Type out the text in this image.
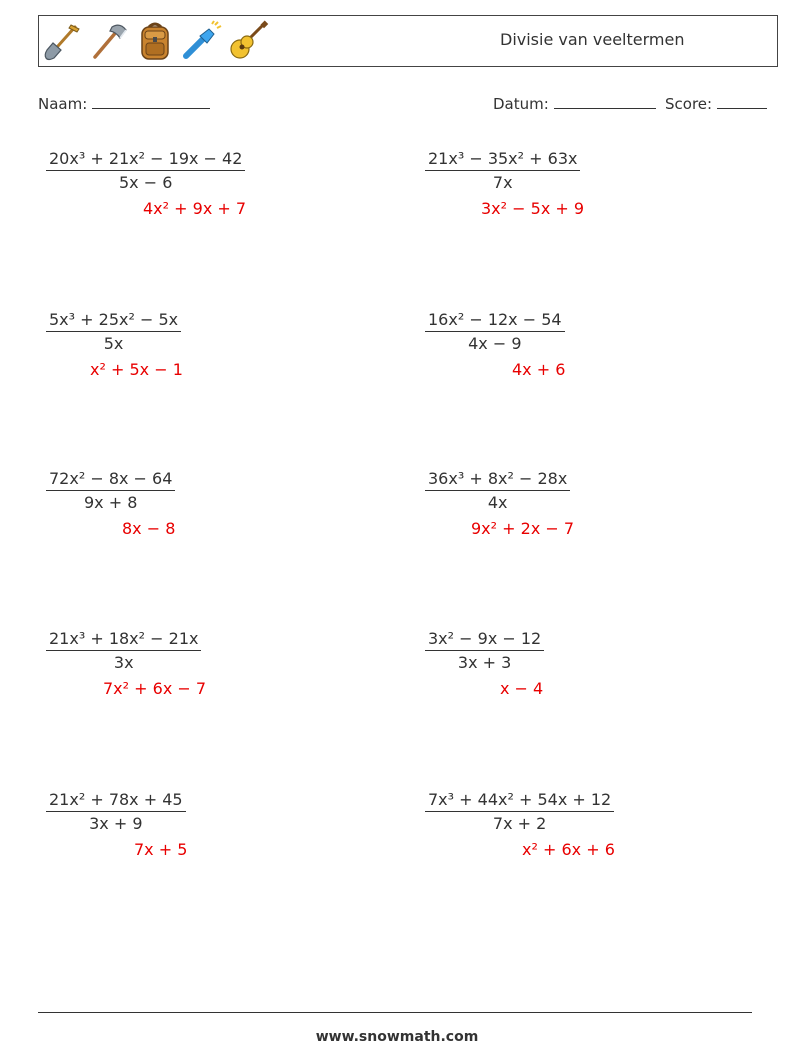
Divisie van veeltermen
Naam:	Datum:	Score:
$\frac{\text{20x³ + 21x² − 19x − 42}}{5x - 6}$
4x² + 9x + 7
$\frac{\text{21x³ − 35x² + 63x}}{7x}$
3x² − 5x + 9
$\frac{\text{5x³ + 25x² − 5x}}{5x}$
x² + 5x − 1
$\frac{\text{16x² − 12x − 54}}{4x - 9}$
4x + 6
$\frac{\text{72x² − 8x − 64}}{9x + 8}$
8x − 8
$\frac{\text{36x³ + 8x² − 28x}}{4x}$
9x² + 2x − 7
$\frac{\text{21x³ + 18x² − 21x}}{3x}$
7x² + 6x − 7
$\frac{\text{3x² − 9x − 12}}{3x + 3}$
x − 4
$\frac{\text{21x² + 78x + 45}}{3x + 9}$
7x + 5
$\frac{\text{7x³ + 44x² + 54x + 12}}{7x + 2}$
x² + 6x + 6
www.snowmath.com
